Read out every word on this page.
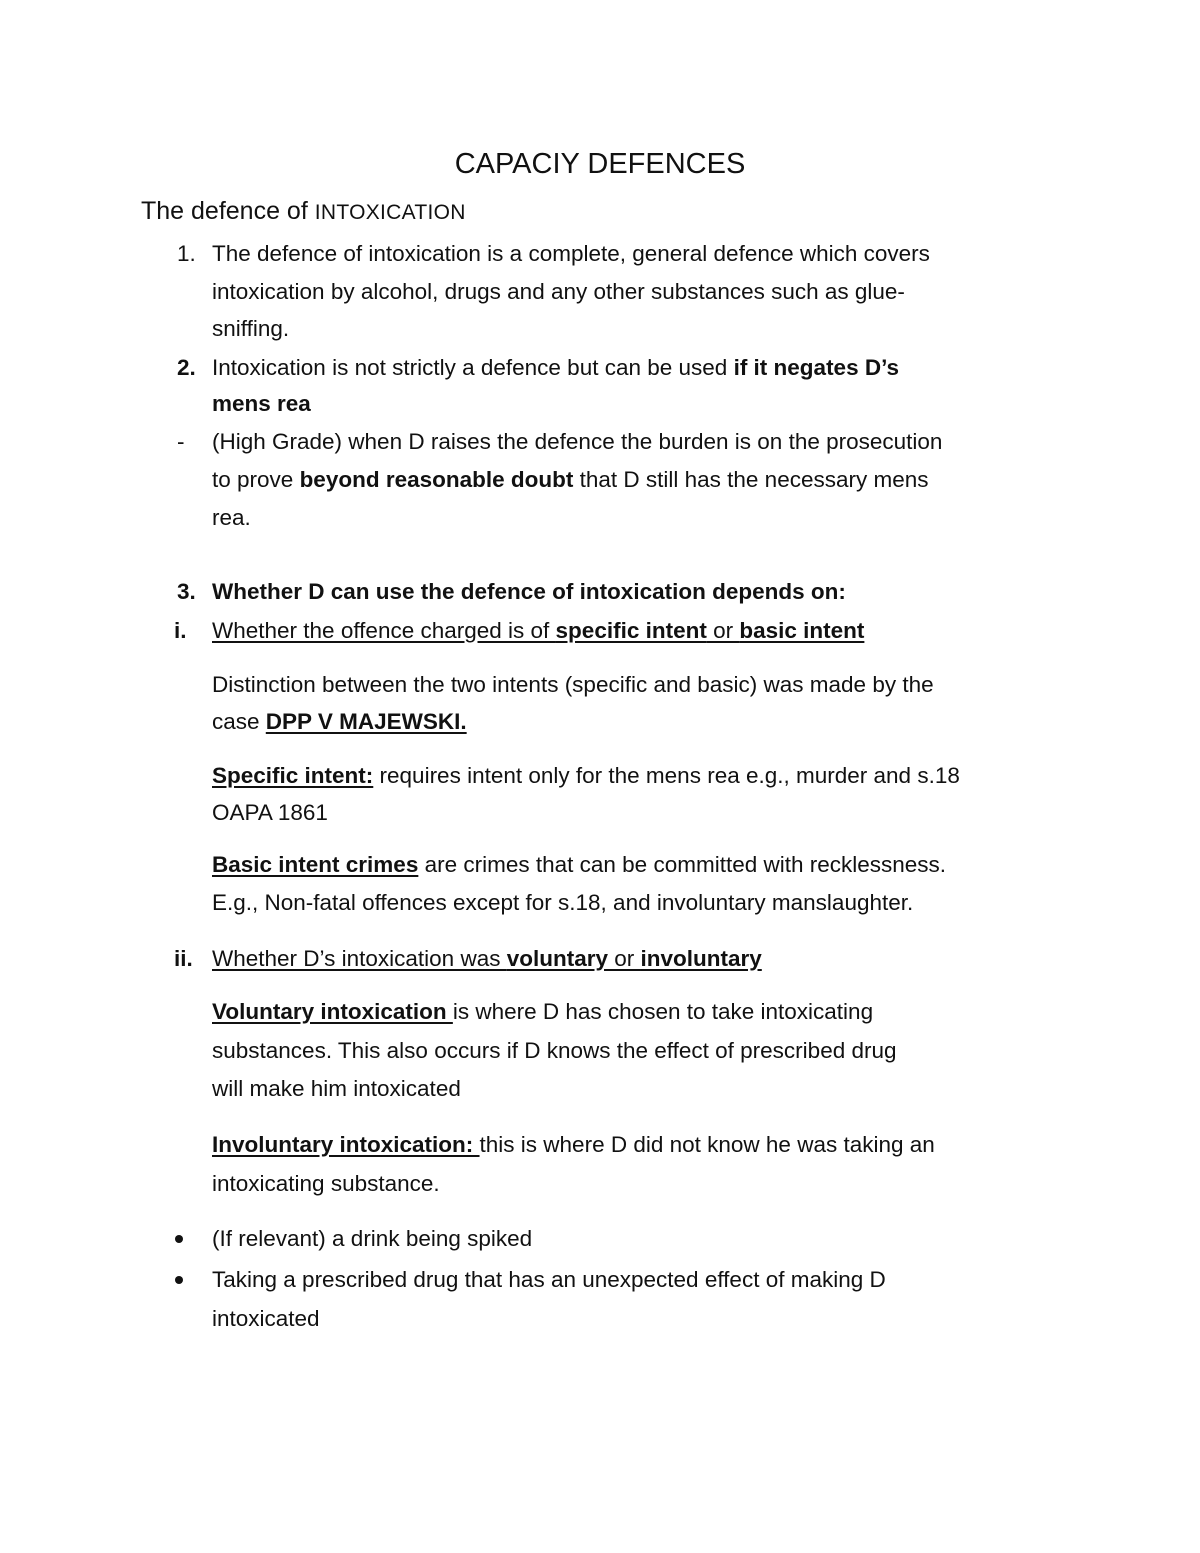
CAPACIY DEFENCES
The defence of INTOXICATION
1. The defence of intoxication is a complete, general defence which covers
intoxication by alcohol, drugs and any other substances such as glue-
sniffing.
2. Intoxication is not strictly a defence but can be used if it negates D’s
mens rea
- (High Grade) when D raises the defence the burden is on the prosecution
to prove beyond reasonable doubt that D still has the necessary mens
rea.
3. Whether D can use the defence of intoxication depends on:
i. Whether the offence charged is of specific intent or basic intent
Distinction between the two intents (specific and basic) was made by the
case DPP V MAJEWSKI.
Specific intent: requires intent only for the mens rea e.g., murder and s.18
OAPA 1861
Basic intent crimes are crimes that can be committed with recklessness.
E.g., Non-fatal offences except for s.18, and involuntary manslaughter.
ii. Whether D’s intoxication was voluntary or involuntary
Voluntary intoxication is where D has chosen to take intoxicating
substances. This also occurs if D knows the effect of prescribed drug
will make him intoxicated
Involuntary intoxication: this is where D did not know he was taking an
intoxicating substance.
(If relevant) a drink being spiked
Taking a prescribed drug that has an unexpected effect of making D
intoxicated
